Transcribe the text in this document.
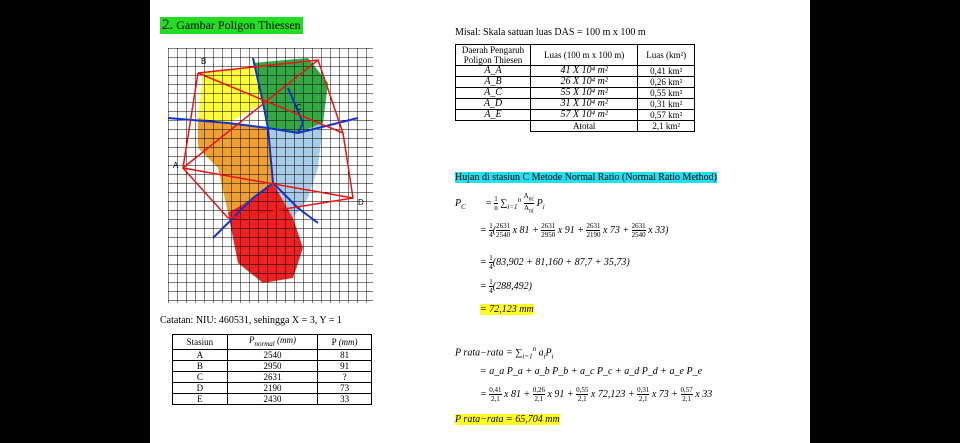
2. Gambar Poligon Thiessen
B
C
A
D
Catatan: NIU: 460531, sehingga X = 3, Y = 1
Stasiun	$P_{normal}$ (mm)	P (mm)
A	2540	81
B	2950	91
C	2631	?
D	2190	73
E	2430	33
Misal: Skala satuan luas DAS = 100 m x 100 m
Daerah Pengaruh Poligon Thiesen	Luas (100 m x 100 m)	Luas (km²)
A_A	41 X 10⁴ m²	0,41 km²
A_B	26 X 10⁴ m²	0,26 km²
A_C	55 X 10⁴ m²	0,55 km²
A_D	31 X 10⁴ m²	0,31 km²
A_E	57 X 10⁴ m²	0,57 km²
	Atotal	2,1 km²
Hujan di stasiun C Metode Normal Ratio (Normal Ratio Method)
$P_C = \frac{1}{n} \sum_{i=1}^n \frac{A_{nc}}{A_{ni}} P_i$
= $\frac{1}{4}$ ( $\frac{2631}{2540}$ x $81 + \frac{2631}{2950}$ x $91 + \frac{2631}{2190}$ x $73 + \frac{2631}{2540}$ x 33)
= $\frac{1}{4} (83,902 + 81,160 + 87,7 + 35,73)$
= $\frac{1}{4} (288,492)$
= 72,123 mm
P rata−rata = $\sum_{i=1}^n$ $a_iP_i$
= a_a P_a + a_b P_b + a_c P_c + a_d P_d + a_e P_e
= $\frac{0,41}{2,1}$ x $81 + \frac{0,26}{2,1}$ x $91 + \frac{0,55}{2,1}$ x $72,123 + \frac{0,31}{2,1}$ x $73 + \frac{0,57}{2,1}$ x 33
P rata−rata = 65,704 mm
